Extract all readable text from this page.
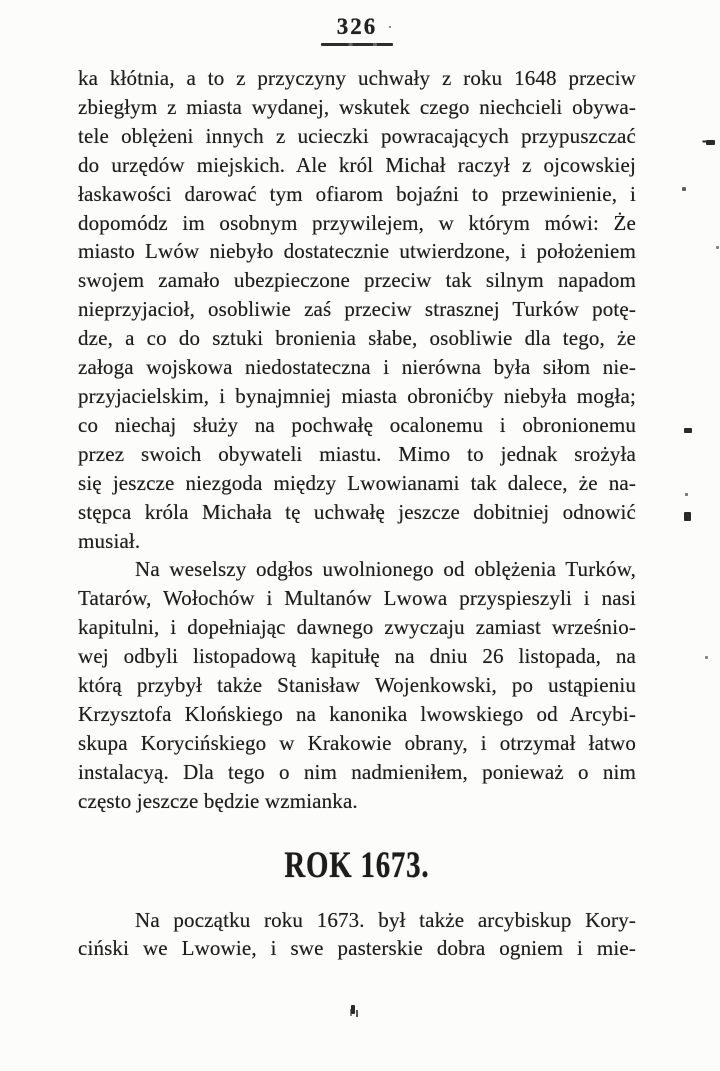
326
ka kłótnia, a to z przyczyny uchwały z roku 1648 przeciw
zbiegłym z miasta wydanej, wskutek czego niechcieli obywa-
tele oblężeni innych z ucieczki powracających przypuszczać
do urzędów miejskich. Ale król Michał raczył z ojcowskiej
łaskawości darować tym ofiarom bojaźni to przewinienie, i
dopomódz im osobnym przywilejem, w którym mówi: Że
miasto Lwów niebyło dostatecznie utwierdzone, i położeniem
swojem zamało ubezpieczone przeciw tak silnym napadom
nieprzyjacioł, osobliwie zaś przeciw strasznej Turków potę-
dze, a co do sztuki bronienia słabe, osobliwie dla tego, że
załoga wojskowa niedostateczna i nierówna była siłom nie-
przyjacielskim, i bynajmniej miasta obronićby niebyła mogła;
co niechaj służy na pochwałę ocalonemu i obronionemu
przez swoich obywateli miastu. Mimo to jednak srożyła
się jeszcze niezgoda między Lwowianami tak dalece, że na-
stępca króla Michała tę uchwałę jeszcze dobitniej odnowić
musiał.
Na weselszy odgłos uwolnionego od oblężenia Turków,
Tatarów, Wołochów i Multanów Lwowa przyspieszyli i nasi
kapitulni, i dopełniając dawnego zwyczaju zamiast wrześnio-
wej odbyli listopadową kapitułę na dniu 26 listopada, na
którą przybył także Stanisław Wojenkowski, po ustąpieniu
Krzysztofa Klońskiego na kanonika lwowskiego od Arcybi-
skupa Korycińskiego w Krakowie obrany, i otrzymał łatwo
instalacyą. Dla tego o nim nadmieniłem, ponieważ o nim
często jeszcze będzie wzmianka.
ROK 1673.
Na początku roku 1673. był także arcybiskup Kory-
ciński we Lwowie, i swe pasterskie dobra ogniem i mie-
